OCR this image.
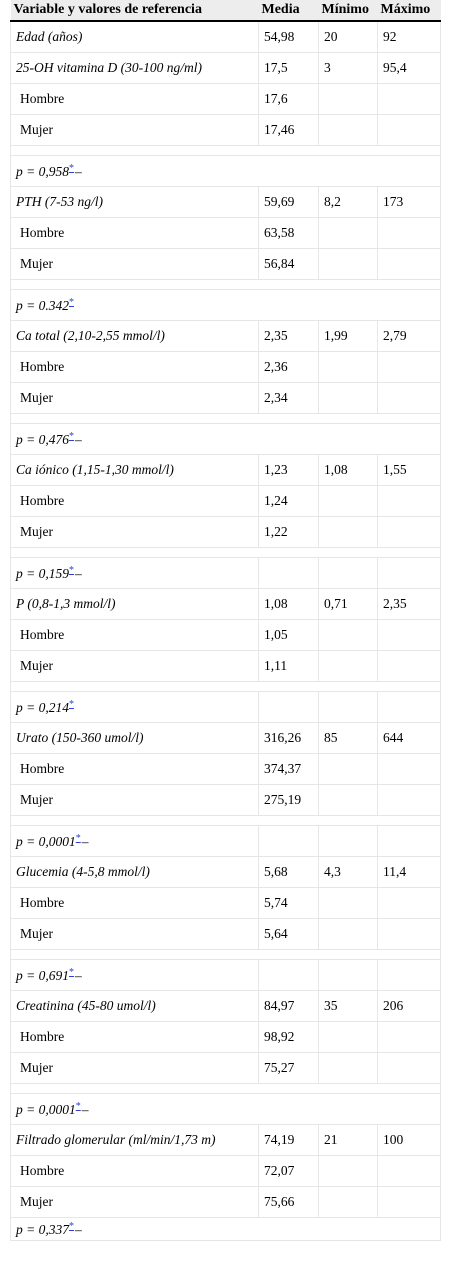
Variable y valores de referencia	Media	Mínimo	Máximo
Edad (años)	54,98	20	92
25-OH vitamina D (30-100 ng/ml)	17,5	3	95,4
Hombre	17,6		
Mujer	17,46		

p = 0,958*–			
PTH (7-53 ng/l)	59,69	8,2	173
Hombre	63,58		
Mujer	56,84		

p = 0.342*
Ca total (2,10-2,55 mmol/l)	2,35	1,99	2,79
Hombre	2,36		
Mujer	2,34		

p = 0,476*–			
Ca iónico (1,15-1,30 mmol/l)	1,23	1,08	1,55
Hombre	1,24		
Mujer	1,22		

p = 0,159*–			
P (0,8-1,3 mmol/l)	1,08	0,71	2,35
Hombre	1,05		
Mujer	1,11		

p = 0,214*			
Urato (150-360 umol/l)	316,26	85	644
Hombre	374,37		
Mujer	275,19		

p = 0,0001*–			
Glucemia (4-5,8 mmol/l)	5,68	4,3	11,4
Hombre	5,74		
Mujer	5,64		

p = 0,691*–			
Creatinina (45-80 umol/l)	84,97	35	206
Hombre	98,92		
Mujer	75,27		

p = 0,0001*–			
Filtrado glomerular (ml/min/1,73 m)	74,19	21	100
Hombre	72,07		
Mujer	75,66		
p = 0,337*–			
